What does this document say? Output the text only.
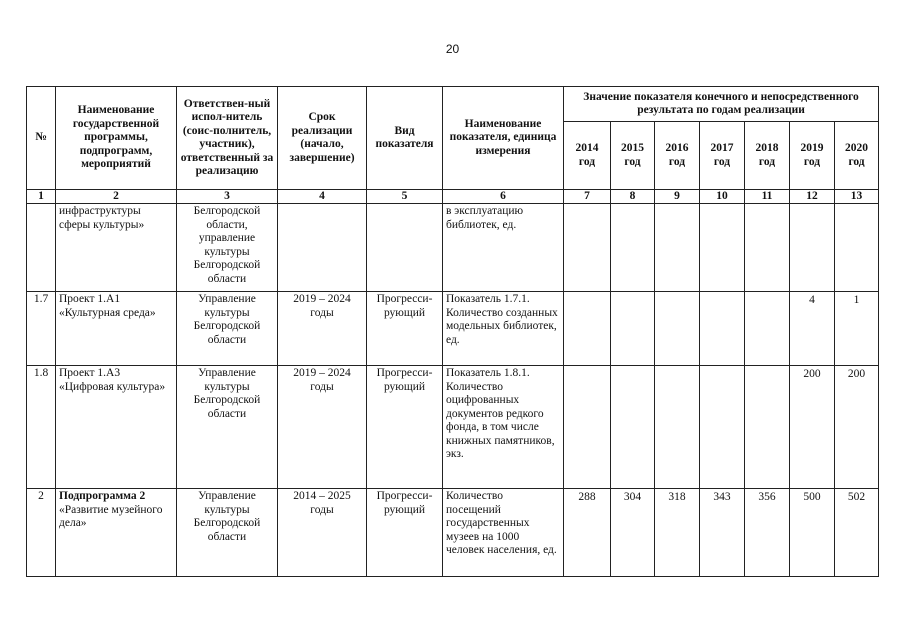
20
№	Наименование государственной программы, подпрограмм, мероприятий	Ответствен-ный испол-нитель (соис-полнитель, участник), ответственный за реализацию	Срок реализации (начало, завершение)	Вид показателя	Наименование показателя, единица измерения	Значение показателя конечного и непосредственного результата по годам реализации						
						2014 год	2015 год	2016 год	2017 год	2018 год	2019 год	2020 год
1	2	3	4	5	6	7	8	9	10	11	12	13
	инфраструктуры сферы культуры»	Белгородской области, управление культуры Белгородской области			в эксплуатацию библиотек, ед.							
1.7	Проект 1.А1 «Культурная среда»	Управление культуры Белгородской области	2019 – 2024 годы	Прогресси-рующий	Показатель 1.7.1. Количество созданных модельных библиотек, ед.						4	1
1.8	Проект 1.А3 «Цифровая культура»	Управление культуры Белгородской области	2019 – 2024 годы	Прогресси-рующий	Показатель 1.8.1. Количество оцифрованных документов редкого фонда, в том числе книжных памятников, экз.						200	200
2	Подпрограмма 2 «Развитие музейного дела»	Управление культуры Белгородской области	2014 – 2025 годы	Прогресси-рующий	Количество посещений государственных музеев на 1000 человек населения, ед.	288	304	318	343	356	500	502
